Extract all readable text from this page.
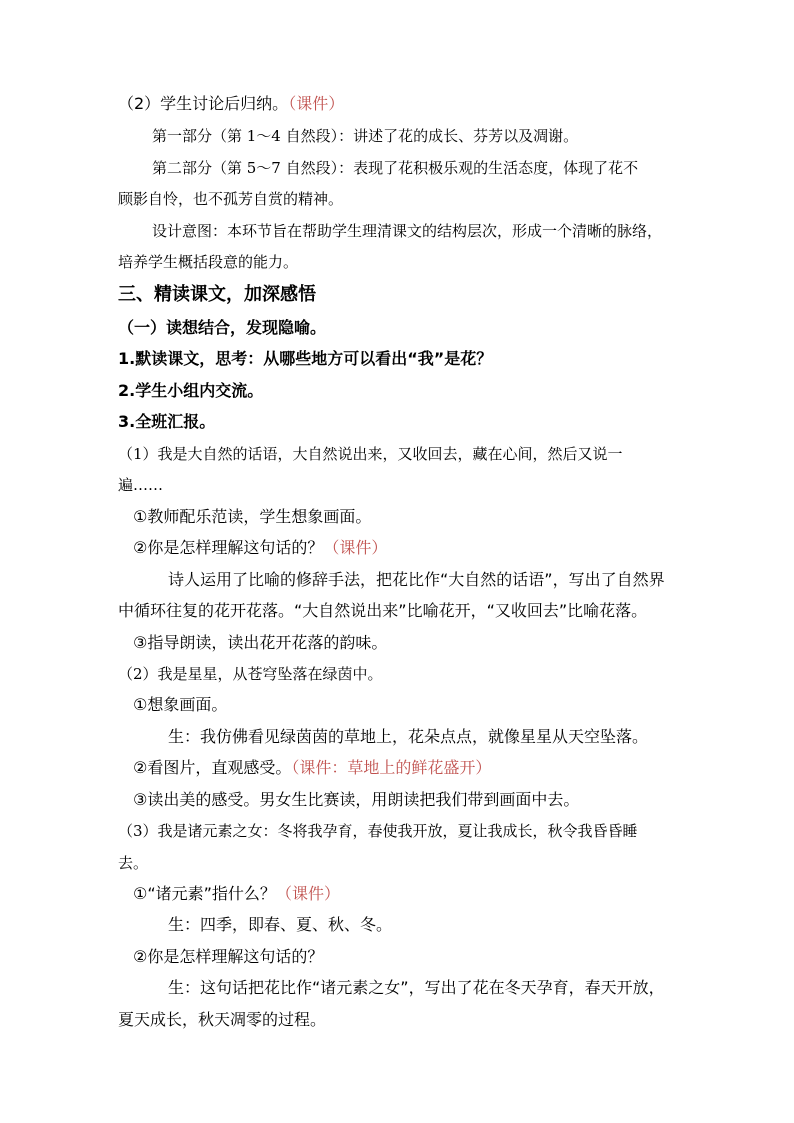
（2）学生讨论后归纳。（课件）
第一部分（第 1～4 自然段）：讲述了花的成长、芬芳以及凋谢。
第二部分（第 5～7 自然段）：表现了花积极乐观的生活态度，体现了花不
顾影自怜，也不孤芳自赏的精神。
设计意图：本环节旨在帮助学生理清课文的结构层次，形成一个清晰的脉络，
培养学生概括段意的能力。
三、精读课文，加深感悟
（一）读想结合，发现隐喻。
1.默读课文，思考：从哪些地方可以看出“我”是花？
2.学生小组内交流。
3.全班汇报。
（1）我是大自然的话语，大自然说出来，又收回去，藏在心间，然后又说一
遍……
①教师配乐范读，学生想象画面。
②你是怎样理解这句话的？（课件）
诗人运用了比喻的修辞手法，把花比作“大自然的话语”，写出了自然界
中循环往复的花开花落。“大自然说出来”比喻花开，“又收回去”比喻花落。
③指导朗读，读出花开花落的韵味。
（2）我是星星，从苍穹坠落在绿茵中。
①想象画面。
生：我仿佛看见绿茵茵的草地上，花朵点点，就像星星从天空坠落。
②看图片，直观感受。（课件：草地上的鲜花盛开）
③读出美的感受。男女生比赛读，用朗读把我们带到画面中去。
（3）我是诸元素之女：冬将我孕育，春使我开放，夏让我成长，秋令我昏昏睡
去。
①“诸元素”指什么？（课件）
生：四季，即春、夏、秋、冬。
②你是怎样理解这句话的？
生：这句话把花比作“诸元素之女”，写出了花在冬天孕育，春天开放，
夏天成长，秋天凋零的过程。
